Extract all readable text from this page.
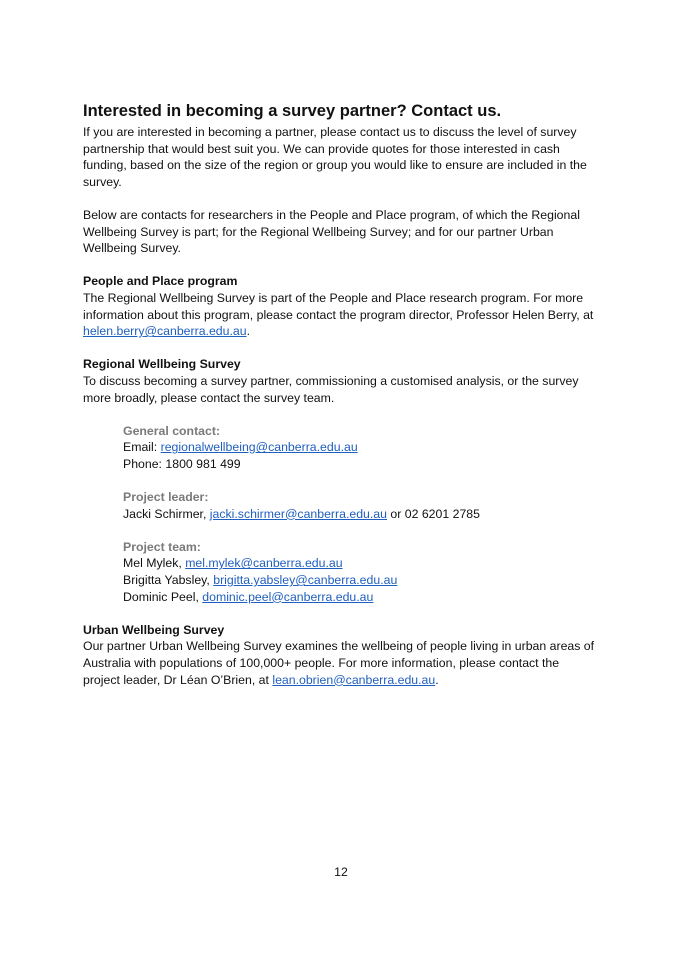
Interested in becoming a survey partner? Contact us.

If you are interested in becoming a partner, please contact us to discuss the level of survey partnership that would best suit you. We can provide quotes for those interested in cash funding, based on the size of the region or group you would like to ensure are included in the survey.

Below are contacts for researchers in the People and Place program, of which the Regional Wellbeing Survey is part; for the Regional Wellbeing Survey; and for our partner Urban Wellbeing Survey.

People and Place program

The Regional Wellbeing Survey is part of the People and Place research program. For more information about this program, please contact the program director, Professor Helen Berry, at helen.berry@canberra.edu.au.

Regional Wellbeing Survey

To discuss becoming a survey partner, commissioning a customised analysis, or the survey more broadly, please contact the survey team.

General contact:

Email: regionalwellbeing@canberra.edu.au

Phone: 1800 981 499

Project leader:

Jacki Schirmer, jacki.schirmer@canberra.edu.au or 02 6201 2785

Project team:

Mel Mylek, mel.mylek@canberra.edu.au

Brigitta Yabsley, brigitta.yabsley@canberra.edu.au

Dominic Peel, dominic.peel@canberra.edu.au

Urban Wellbeing Survey

Our partner Urban Wellbeing Survey examines the wellbeing of people living in urban areas of Australia with populations of 100,000+ people. For more information, please contact the project leader, Dr Léan O’Brien, at lean.obrien@canberra.edu.au.

12
